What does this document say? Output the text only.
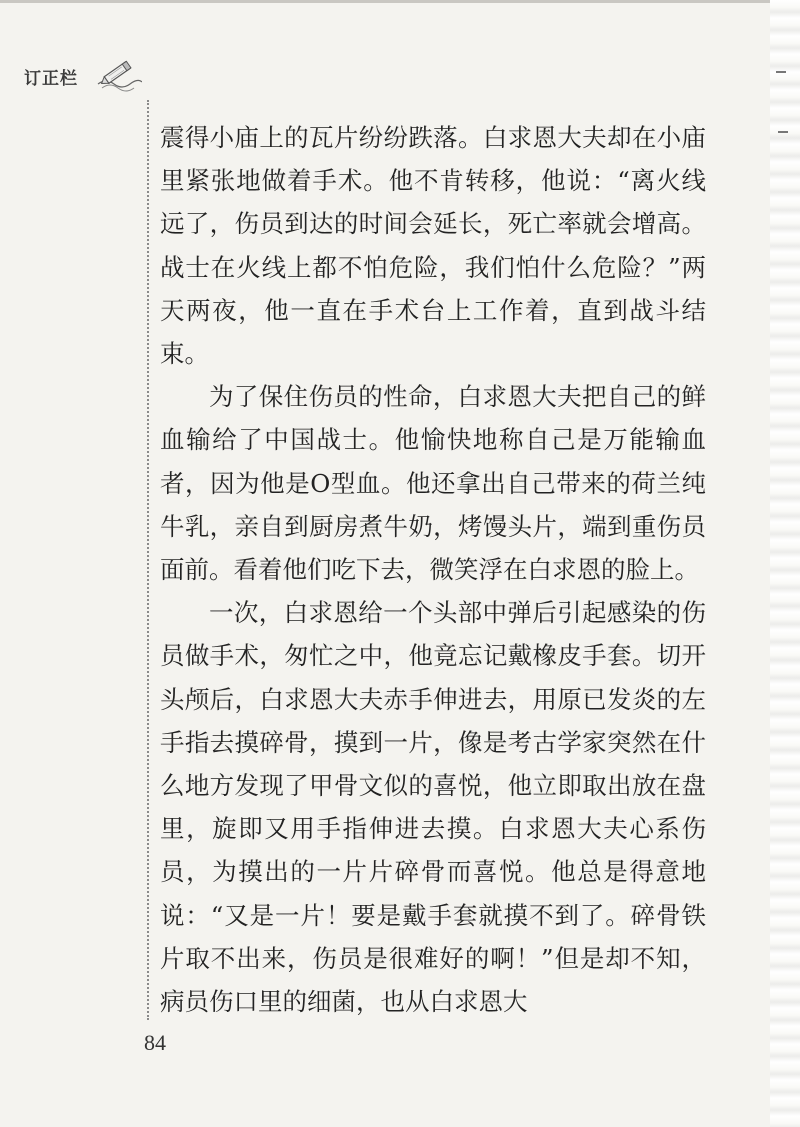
订正栏

震得小庙上的瓦片纷纷跌落。白求恩大夫却在小庙里紧张地做着手术。他不肯转移，他说：“离火线远了，伤员到达的时间会延长，死亡率就会增高。战士在火线上都不怕危险，我们怕什么危险？”两天两夜，他一直在手术台上工作着，直到战斗结束。

为了保住伤员的性命，白求恩大夫把自己的鲜血输给了中国战士。他愉快地称自己是万能输血者，因为他是O型血。他还拿出自己带来的荷兰纯牛乳，亲自到厨房煮牛奶，烤馒头片，端到重伤员面前。看着他们吃下去，微笑浮在白求恩的脸上。

一次，白求恩给一个头部中弹后引起感染的伤员做手术，匆忙之中，他竟忘记戴橡皮手套。切开头颅后，白求恩大夫赤手伸进去，用原已发炎的左手指去摸碎骨，摸到一片，像是考古学家突然在什么地方发现了甲骨文似的喜悦，他立即取出放在盘里，旋即又用手指伸进去摸。白求恩大夫心系伤员，为摸出的一片片碎骨而喜悦。他总是得意地说：“又是一片！要是戴手套就摸不到了。碎骨铁片取不出来，伤员是很难好的啊！”但是却不知，病员伤口里的细菌，也从白求恩大

84
